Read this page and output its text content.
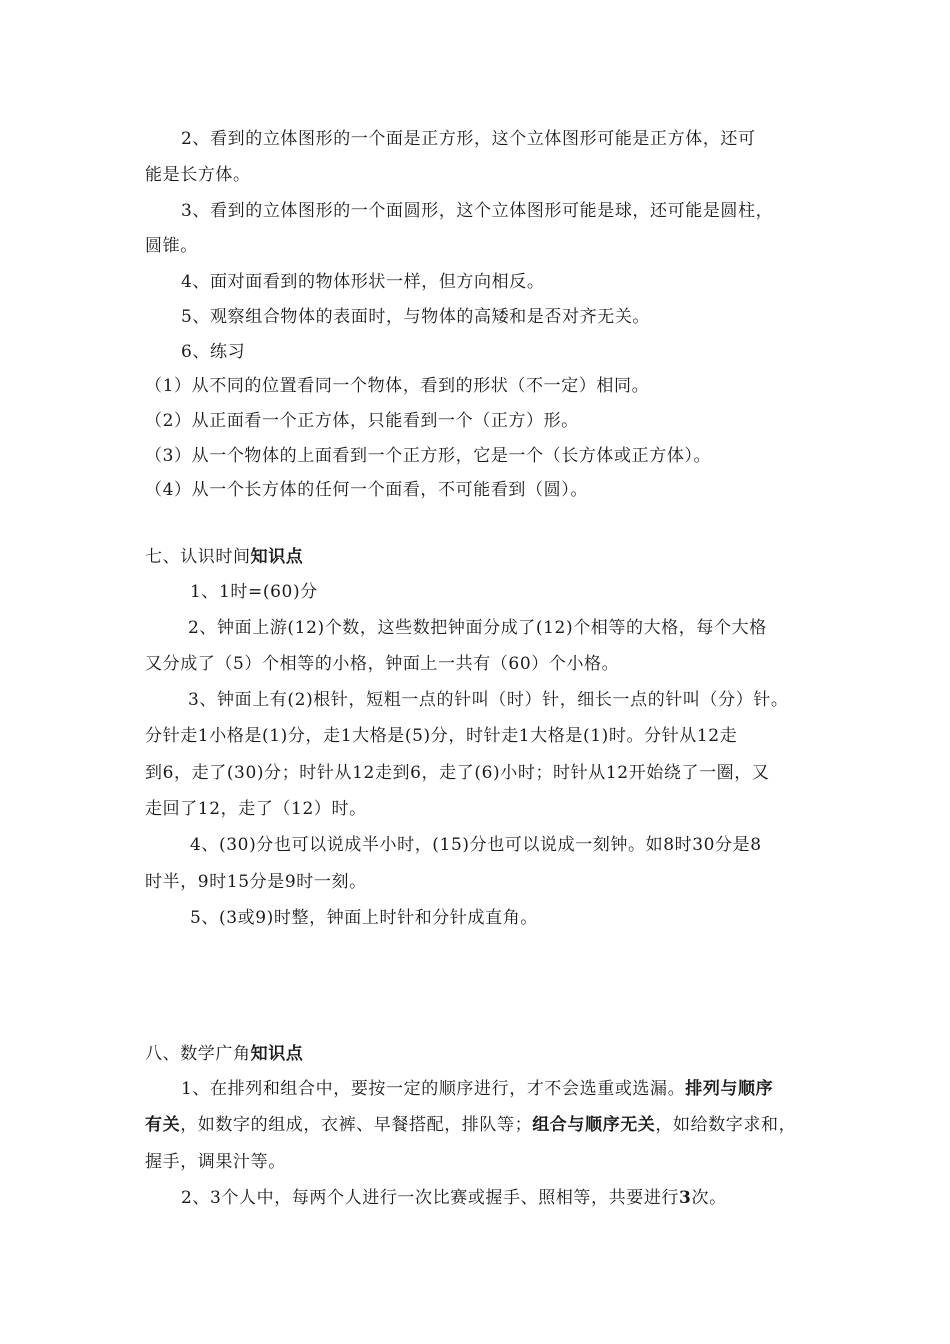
2、看到的立体图形的一个面是正方形，这个立体图形可能是正方体，还可
能是长方体。
3、看到的立体图形的一个面圆形，这个立体图形可能是球，还可能是圆柱，
圆锥。
4、面对面看到的物体形状一样，但方向相反。
5、观察组合物体的表面时，与物体的高矮和是否对齐无关。
6、练习
（1）从不同的位置看同一个物体，看到的形状（不一定）相同。
（2）从正面看一个正方体，只能看到一个（正方）形。
（3）从一个物体的上面看到一个正方形，它是一个（长方体或正方体）。
（4）从一个长方体的任何一个面看，不可能看到（圆）。
七、认识时间知识点
1、1时=(60)分
2、钟面上游(12)个数，这些数把钟面分成了(12)个相等的大格，每个大格
又分成了（5）个相等的小格，钟面上一共有（60）个小格。
3、钟面上有(2)根针，短粗一点的针叫（时）针，细长一点的针叫（分）针。
分针走1小格是(1)分，走1大格是(5)分，时针走1大格是(1)时。分针从12走
到6，走了(30)分；时针从12走到6，走了(6)小时；时针从12开始绕了一圈，又
走回了12，走了（12）时。
4、(30)分也可以说成半小时，(15)分也可以说成一刻钟。如8时30分是8
时半，9时15分是9时一刻。
5、(3或9)时整，钟面上时针和分针成直角。
八、数学广角知识点
1、在排列和组合中，要按一定的顺序进行，才不会选重或选漏。排列与顺序
有关，如数字的组成，衣裤、早餐搭配，排队等；组合与顺序无关，如给数字求和，
握手，调果汁等。
2、3个人中，每两个人进行一次比赛或握手、照相等，共要进行3次。
